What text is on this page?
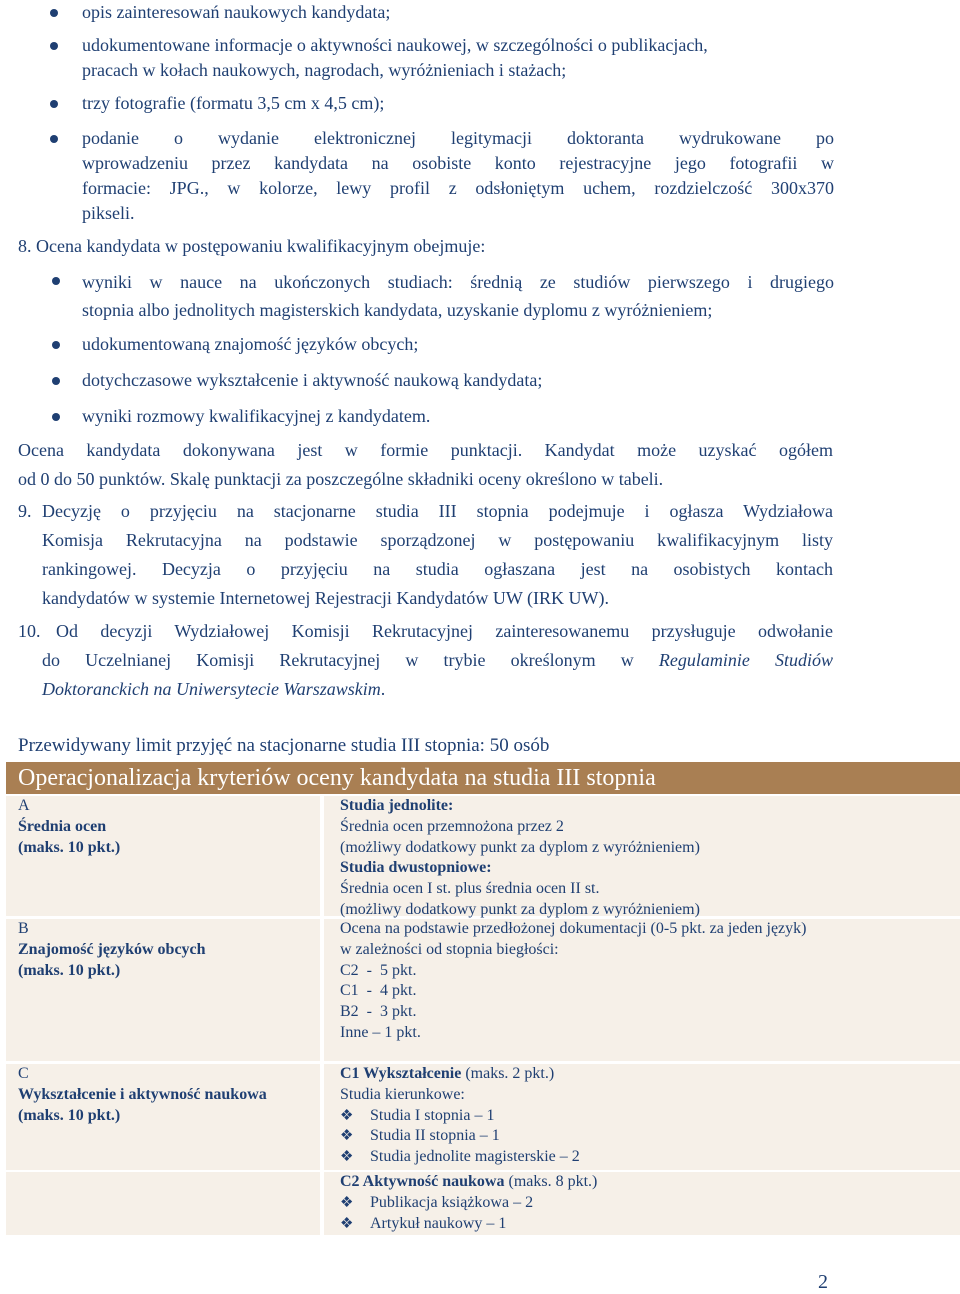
opis zainteresowań naukowych kandydata;
udokumentowane informacje o aktywności naukowej, w szczególności o publikacjach,
pracach w kołach naukowych, nagrodach, wyróżnieniach i stażach;
trzy fotografie (formatu 3,5 cm x 4,5 cm);
podanie o wydanie elektronicznej legitymacji doktoranta wydrukowane po
wprowadzeniu przez kandydata na osobiste konto rejestracyjne jego fotografii w
formacie: JPG., w kolorze, lewy profil z odsłoniętym uchem, rozdzielczość 300x370
pikseli.
8. Ocena kandydata w postępowaniu kwalifikacyjnym obejmuje:
wyniki w nauce na ukończonych studiach: średnią ze studiów pierwszego i drugiego
stopnia albo jednolitych magisterskich kandydata, uzyskanie dyplomu z wyróżnieniem;
udokumentowaną znajomość języków obcych;
dotychczasowe wykształcenie i aktywność naukową kandydata;
wyniki rozmowy kwalifikacyjnej z kandydatem.
Ocena kandydata dokonywana jest w formie punktacji. Kandydat może uzyskać ogółem
od 0 do 50 punktów. Skalę punktacji za poszczególne składniki oceny określono w tabeli.
9. Decyzję o przyjęciu na stacjonarne studia III stopnia podejmuje i ogłasza Wydziałowa
Komisja Rekrutacyjna na podstawie sporządzonej w postępowaniu kwalifikacyjnym listy
rankingowej. Decyzja o przyjęciu na studia ogłaszana jest na osobistych kontach
kandydatów w systemie Internetowej Rejestracji Kandydatów UW (IRK UW).
10. Od decyzji Wydziałowej Komisji Rekrutacyjnej zainteresowanemu przysługuje odwołanie
do Uczelnianej Komisji Rekrutacyjnej w trybie określonym w Regulaminie Studiów
Doktoranckich na Uniwersytecie Warszawskim.
Przewidywany limit przyjęć na stacjonarne studia III stopnia: 50 osób
Operacjonalizacja kryteriów oceny kandydata na studia III stopnia
A
Średnia ocen
(maks. 10 pkt.)
Studia jednolite:
Średnia ocen przemnożona przez 2
(możliwy dodatkowy punkt za dyplom z wyróżnieniem)
Studia dwustopniowe:
Średnia ocen I st. plus średnia ocen II st.
(możliwy dodatkowy punkt za dyplom z wyróżnieniem)
B
Znajomość języków obcych
(maks. 10 pkt.)
Ocena na podstawie przedłożonej dokumentacji (0-5 pkt. za jeden język)
w zależności od stopnia biegłości:
C2  -  5 pkt.
C1  -  4 pkt.
B2  -  3 pkt.
Inne – 1 pkt.
C
Wykształcenie i aktywność naukowa
(maks. 10 pkt.)
C1 Wykształcenie (maks. 2 pkt.)
Studia kierunkowe:
❖ Studia I stopnia – 1
❖ Studia II stopnia – 1
❖ Studia jednolite magisterskie – 2
C2 Aktywność naukowa (maks. 8 pkt.)
❖ Publikacja książkowa – 2
❖ Artykuł naukowy – 1
2
